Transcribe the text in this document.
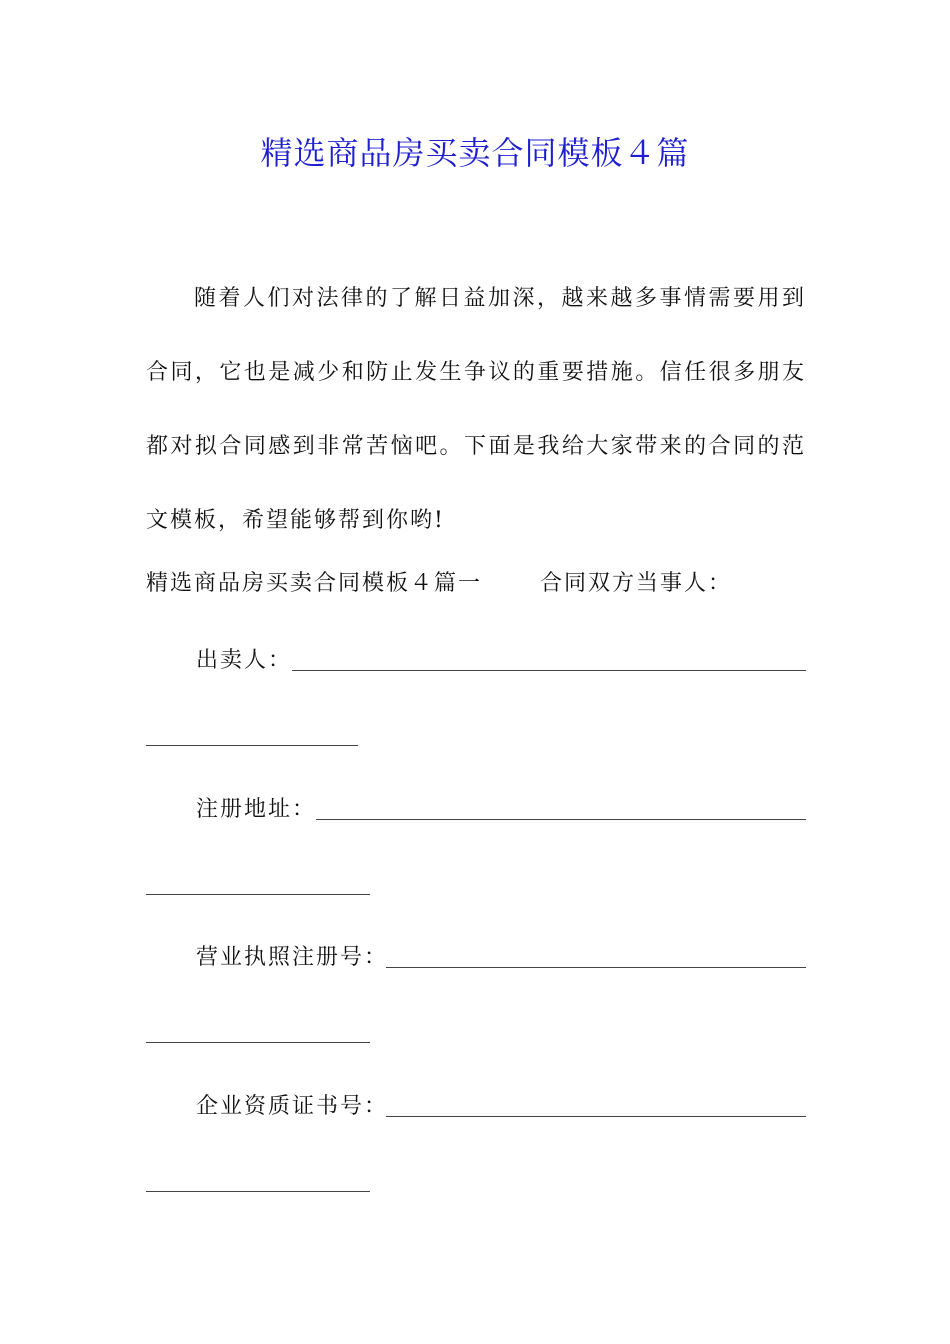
精选商品房买卖合同模板４篇

随着人们对法律的了解日益加深，越来越多事情需要用到合同，它也是减少和防止发生争议的重要措施。信任很多朋友都对拟合同感到非常苦恼吧。下面是我给大家带来的合同的范文模板，希望能够帮到你哟!

精选商品房买卖合同模板４篇一	合同双方当事人：
出卖人：
注册地址：
营业执照注册号：
企业资质证书号：
